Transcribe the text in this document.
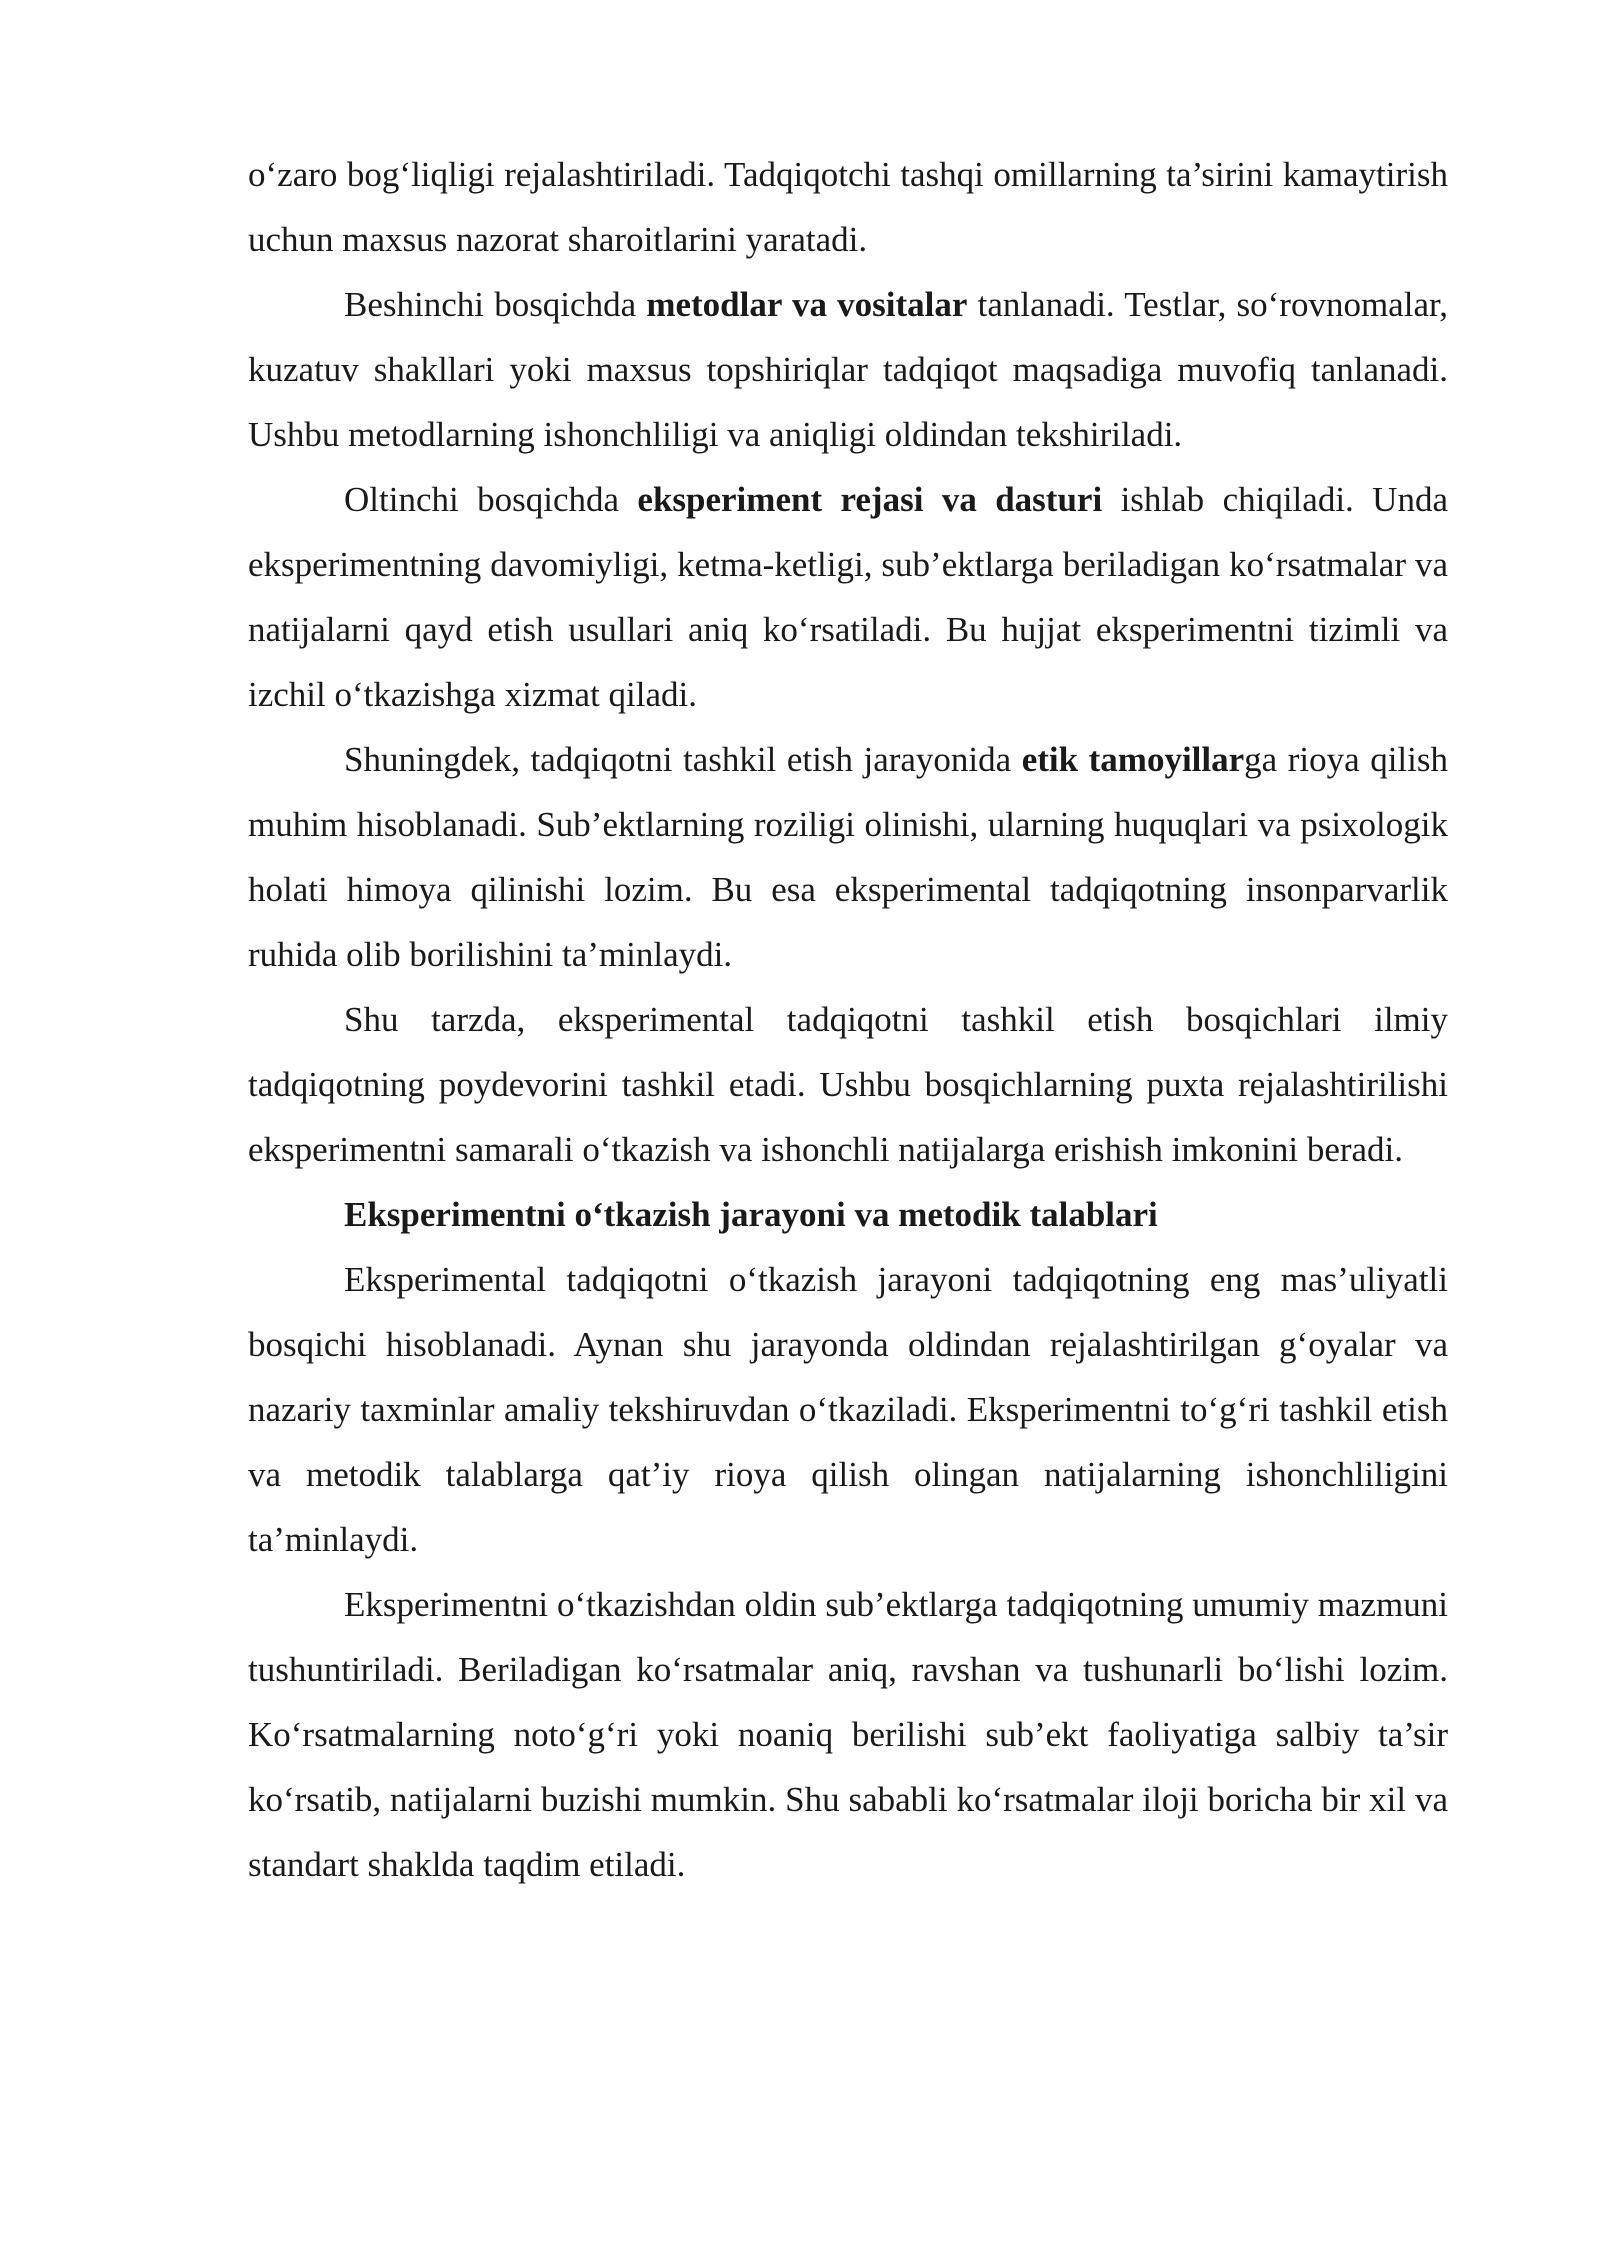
o‘zaro bog‘liqligi rejalashtiriladi. Tadqiqotchi tashqi omillarning ta’sirini kamaytirish uchun maxsus nazorat sharoitlarini yaratadi.

Beshinchi bosqichda metodlar va vositalar tanlanadi. Testlar, so‘rovnomalar, kuzatuv shakllari yoki maxsus topshiriqlar tadqiqot maqsadiga muvofiq tanlanadi. Ushbu metodlarning ishonchliligi va aniqligi oldindan tekshiriladi.

Oltinchi bosqichda eksperiment rejasi va dasturi ishlab chiqiladi. Unda eksperimentning davomiyligi, ketma-ketligi, sub’ektlarga beriladigan ko‘rsatmalar va natijalarni qayd etish usullari aniq ko‘rsatiladi. Bu hujjat eksperimentni tizimli va izchil o‘tkazishga xizmat qiladi.

Shuningdek, tadqiqotni tashkil etish jarayonida etik tamoyillarga rioya qilish muhim hisoblanadi. Sub’ektlarning roziligi olinishi, ularning huquqlari va psixologik holati himoya qilinishi lozim. Bu esa eksperimental tadqiqotning insonparvarlik ruhida olib borilishini ta’minlaydi.

Shu tarzda, eksperimental tadqiqotni tashkil etish bosqichlari ilmiy tadqiqotning poydevorini tashkil etadi. Ushbu bosqichlarning puxta rejalashtirilishi eksperimentni samarali o‘tkazish va ishonchli natijalarga erishish imkonini beradi.

Eksperimentni o‘tkazish jarayoni va metodik talablari

Eksperimental tadqiqotni o‘tkazish jarayoni tadqiqotning eng mas’uliyatli bosqichi hisoblanadi. Aynan shu jarayonda oldindan rejalashtirilgan g‘oyalar va nazariy taxminlar amaliy tekshiruvdan o‘tkaziladi. Eksperimentni to‘g‘ri tashkil etish va metodik talablarga qat’iy rioya qilish olingan natijalarning ishonchliligini ta’minlaydi.

Eksperimentni o‘tkazishdan oldin sub’ektlarga tadqiqotning umumiy mazmuni tushuntiriladi. Beriladigan ko‘rsatmalar aniq, ravshan va tushunarli bo‘lishi lozim. Ko‘rsatmalarning noto‘g‘ri yoki noaniq berilishi sub’ekt faoliyatiga salbiy ta’sir ko‘rsatib, natijalarni buzishi mumkin. Shu sababli ko‘rsatmalar iloji boricha bir xil va standart shaklda taqdim etiladi.
